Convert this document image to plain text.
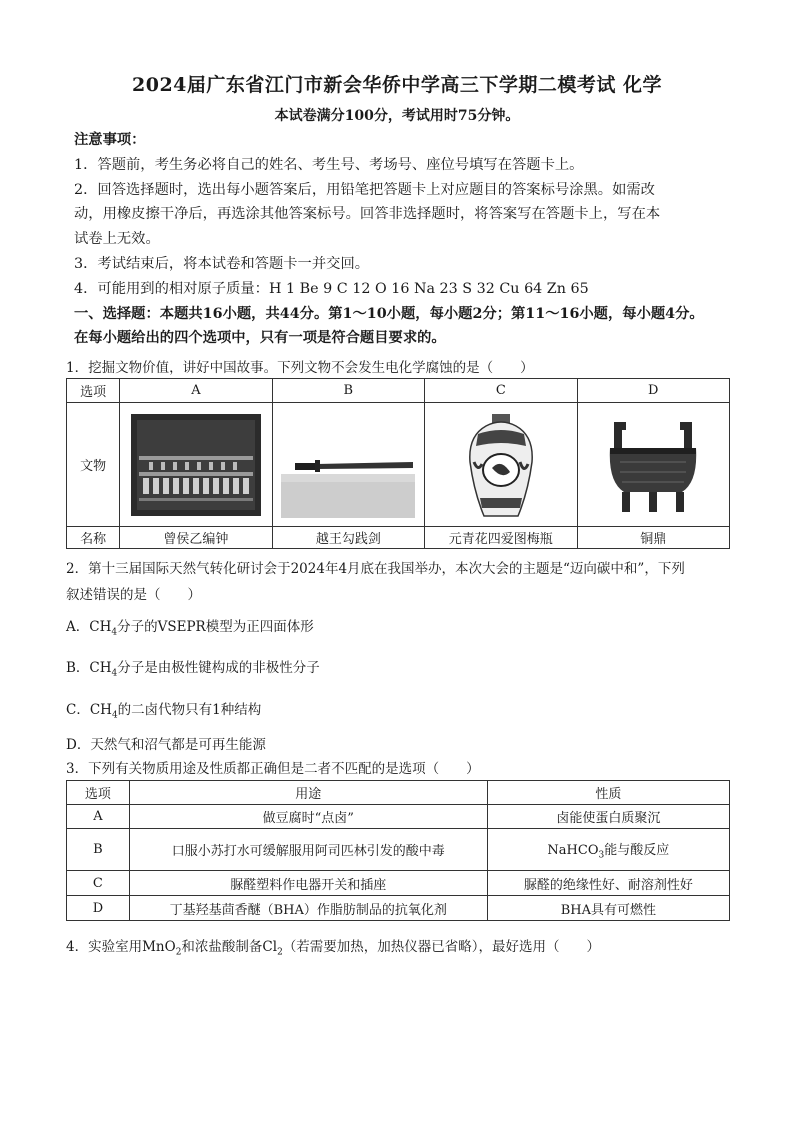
2024届广东省江门市新会华侨中学高三下学期二模考试 化学
本试卷满分100分，考试用时75分钟。
注意事项：
1．答题前，考生务必将自己的姓名、考生号、考场号、座位号填写在答题卡上。
2．回答选择题时，选出每小题答案后，用铅笔把答题卡上对应题目的答案标号涂黑。如需改
动，用橡皮擦干净后，再选涂其他答案标号。回答非选择题时，将答案写在答题卡上，写在本
试卷上无效。
3．考试结束后，将本试卷和答题卡一并交回。
4．可能用到的相对原子质量：H 1 Be 9 C 12 O 16 Na 23 S 32 Cu 64 Zn 65
一、选择题：本题共16小题，共44分。第1～10小题，每小题2分；第11～16小题，每小题4分。
在每小题给出的四个选项中，只有一项是符合题目要求的。
1．挖掘文物价值，讲好中国故事。下列文物不会发生电化学腐蚀的是（　　）
选项	A	B	C	D
文物	

名称	曾侯乙编钟	越王勾践剑	元青花四爱图梅瓶	铜鼎
2．第十三届国际天然气转化研讨会于2024年4月底在我国举办，本次大会的主题是“迈向碳中和”，下列
叙述错误的是（　　）
A．$CH_4$分子的VSEPR模型为正四面体形
B．$CH_4$分子是由极性键构成的非极性分子
C．$CH_4$的二卤代物只有1种结构
D．天然气和沼气都是可再生能源
3．下列有关物质用途及性质都正确但是二者不匹配的是选项（　　）
选项	用途	性质
A	做豆腐时“点卤”	卤能使蛋白质聚沉
B	口服小苏打水可缓解服用阿司匹林引发的酸中毒	NaHCO$_3$能与酸反应
C	脲醛塑料作电器开关和插座	脲醛的绝缘性好、耐溶剂性好
D	丁基羟基茴香醚（BHA）作脂肪制品的抗氧化剂	BHA具有可燃性
4．实验室用MnO$_2$和浓盐酸制备$Cl_2$（若需要加热，加热仪器已省略），最好选用（　　）
